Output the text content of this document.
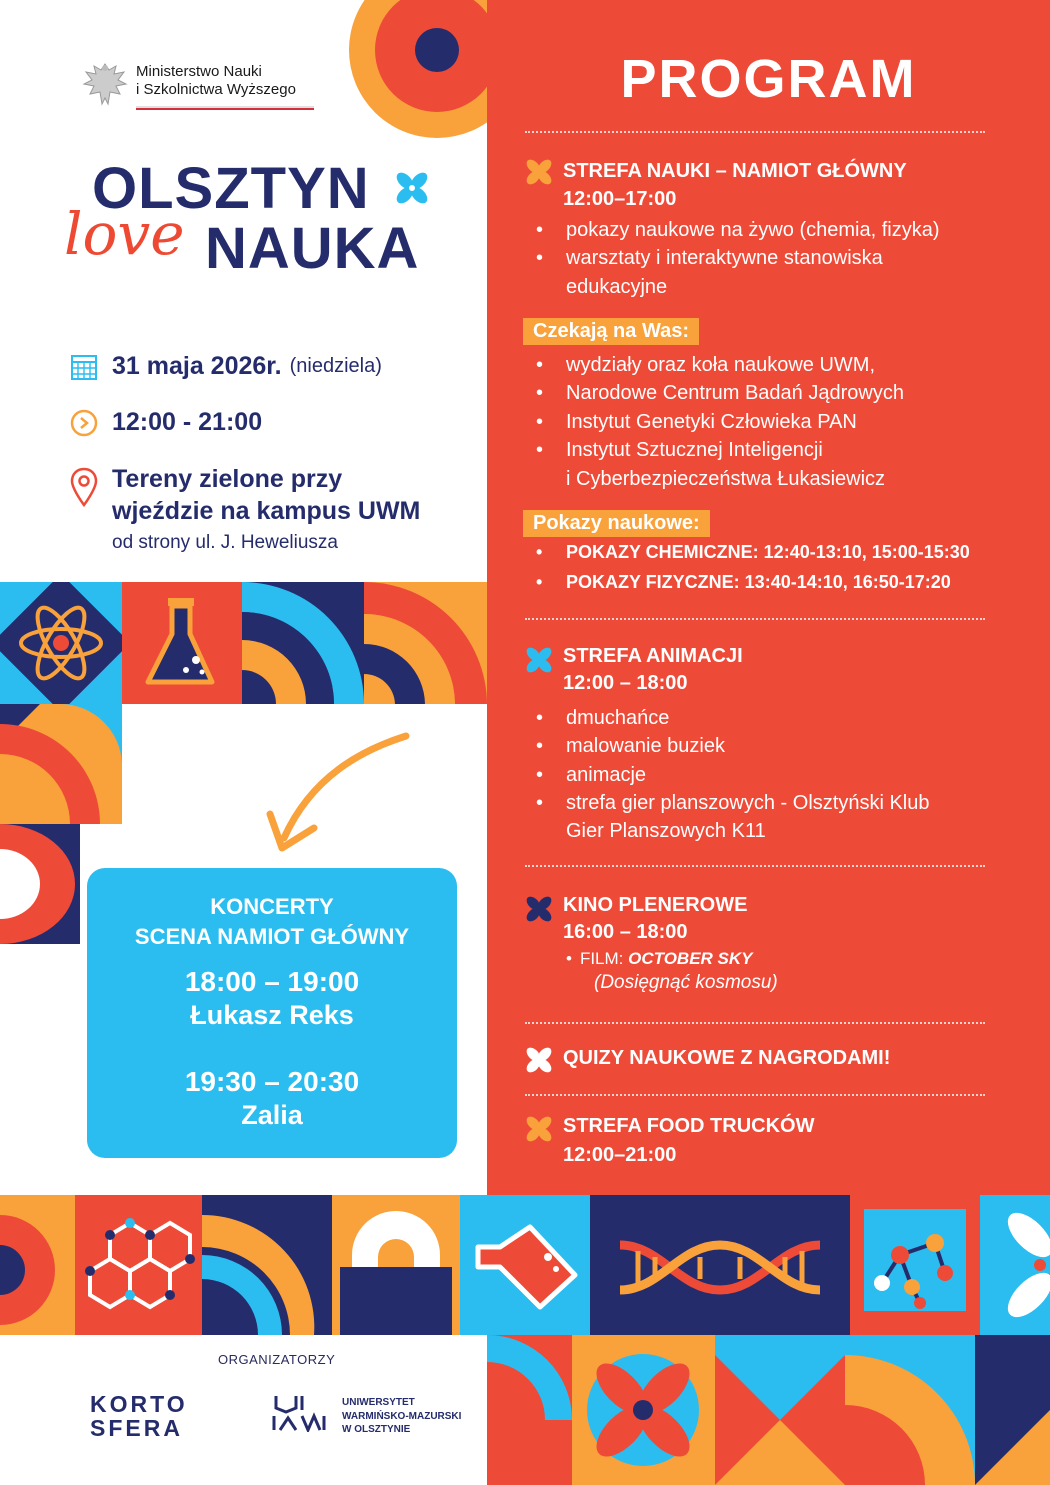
Ministerstwo Nauki
i Szkolnictwa Wyższego
OLSZTYN
NAUKA
love
31 maja 2026r. (niedziela)
12:00 - 21:00
Tereny zielone przy
wjeździe na kampus UWM
od strony ul. J. Heweliusza
KONCERTY
SCENA NAMIOT GŁÓWNY
18:00 – 19:00
Łukasz Reks
19:30 – 20:30
Zalia
PROGRAM
STREFA NAUKI – NAMIOT GŁÓWNY
12:00–17:00
• pokazy naukowe na żywo (chemia, fizyka)
• warsztaty i interaktywne stanowiska
edukacyjne
Czekają na Was:
• wydziały oraz koła naukowe UWM,
• Narodowe Centrum Badań Jądrowych
• Instytut Genetyki Człowieka PAN
• Instytut Sztucznej Inteligencji
i Cyberbezpieczeństwa Łukasiewicz
Pokazy naukowe:
• POKAZY CHEMICZNE: 12:40-13:10, 15:00-15:30
• POKAZY FIZYCZNE: 13:40-14:10, 16:50-17:20
STREFA ANIMACJI
12:00 – 18:00
• dmuchańce
• malowanie buziek
• animacje
• strefa gier planszowych - Olsztyński Klub
Gier Planszowych K11
KINO PLENEROWE
16:00 – 18:00
• FILM: OCTOBER SKY
(Dosięgnąć kosmosu)
QUIZY NAUKOWE Z NAGRODAMI!
STREFA FOOD TRUCKÓW
12:00–21:00
ORGANIZATORZY
KORTO
SFERA
UNIWERSYTET
WARMIŃSKO-MAZURSKI
W OLSZTYNIE
